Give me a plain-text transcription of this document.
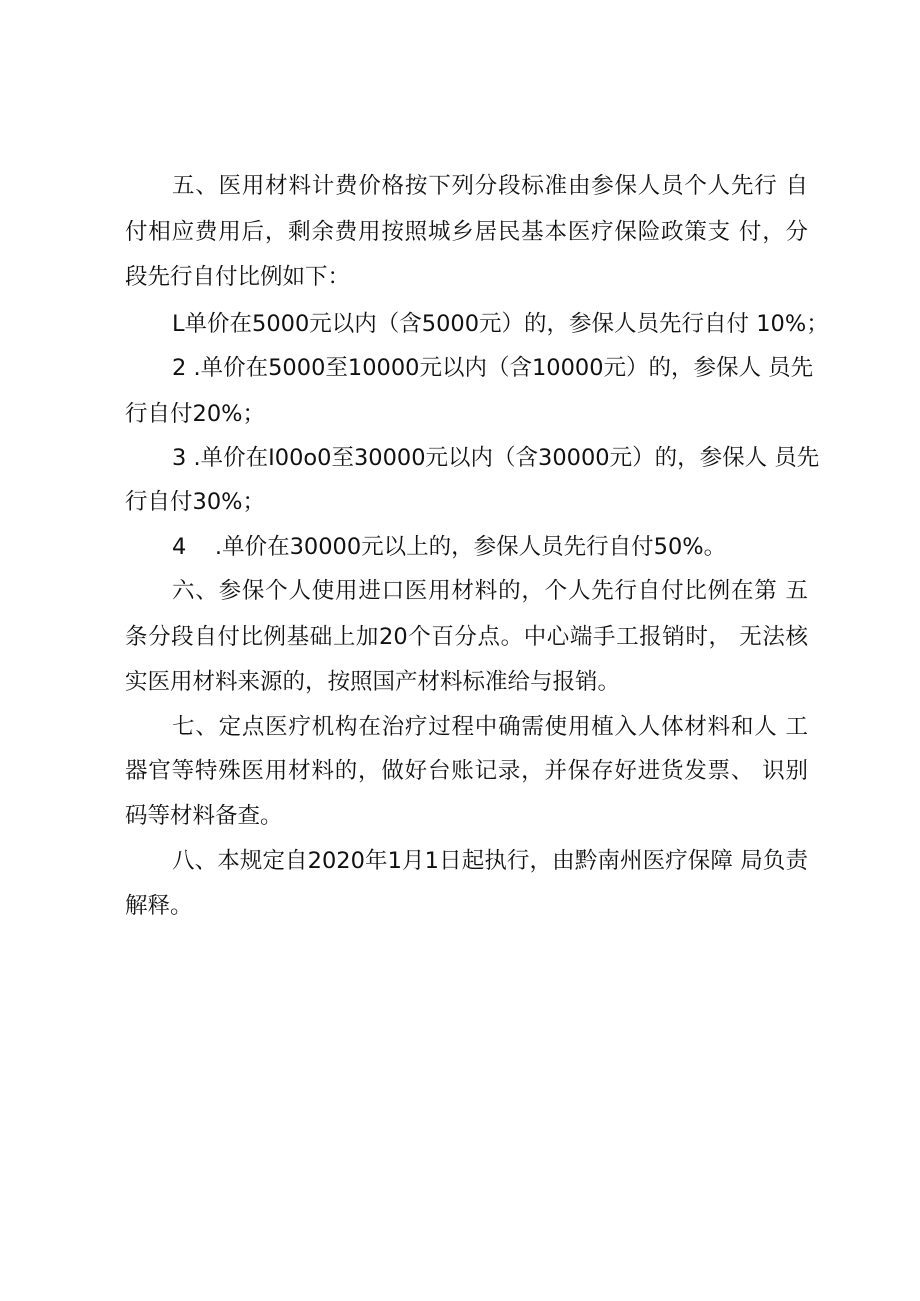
五、医用材料计费价格按下列分段标准由参保人员个人先行 自
付相应费用后，剩余费用按照城乡居民基本医疗保险政策支 付，分
段先行自付比例如下：
L单价在5000元以内（含5000元）的，参保人员先行自付 10%；
2 .单价在5000至10000元以内（含10000元）的，参保人 员先
行自付20%；
3 .单价在I00o0至30000元以内（含30000元）的，参保人 员先
行自付30%；
4    .单价在30000元以上的，参保人员先行自付50%。
六、参保个人使用进口医用材料的，个人先行自付比例在第 五
条分段自付比例基础上加20个百分点。中心端手工报销时， 无法核
实医用材料来源的，按照国产材料标准给与报销。
七、定点医疗机构在治疗过程中确需使用植入人体材料和人 工
器官等特殊医用材料的，做好台账记录，并保存好进货发票、 识别
码等材料备查。
八、本规定自2020年1月1日起执行，由黔南州医疗保障 局负责
解释。
